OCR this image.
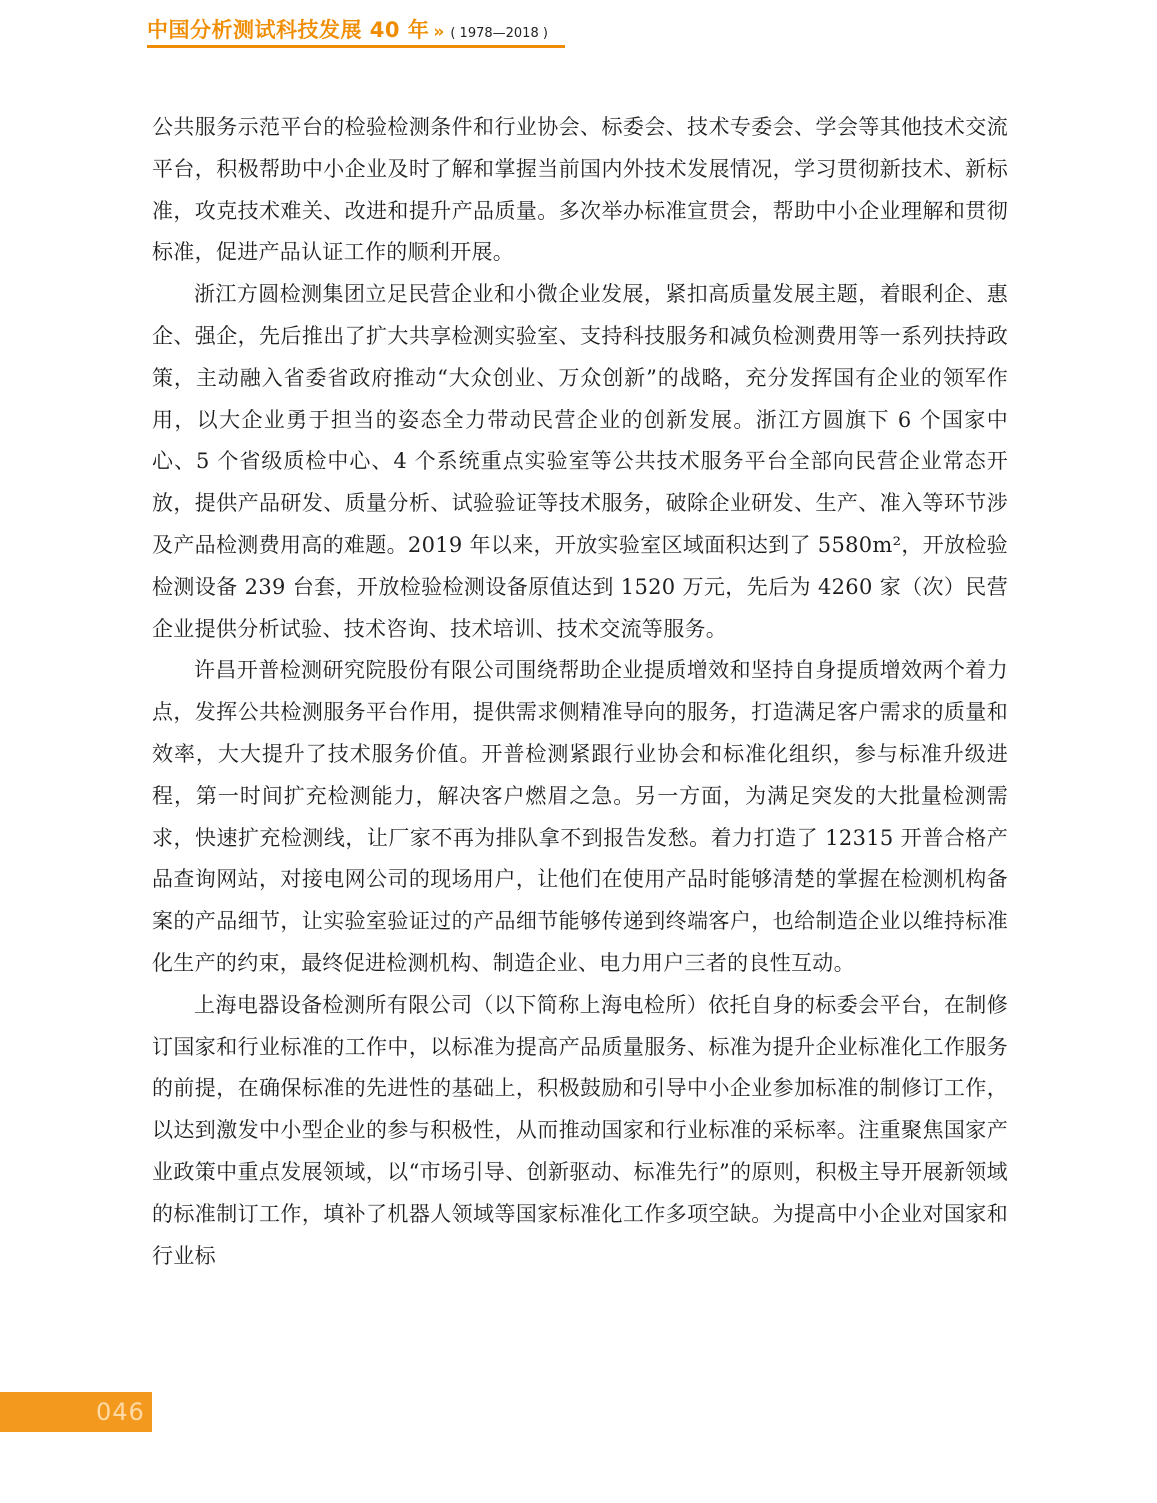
中国分析测试科技发展 40 年 » ( 1978—2018 )

公共服务示范平台的检验检测条件和行业协会、标委会、技术专委会、学会等其他技术交流平台，积极帮助中小企业及时了解和掌握当前国内外技术发展情况，学习贯彻新技术、新标准，攻克技术难关、改进和提升产品质量。多次举办标准宣贯会，帮助中小企业理解和贯彻标准，促进产品认证工作的顺利开展。

浙江方圆检测集团立足民营企业和小微企业发展，紧扣高质量发展主题，着眼利企、惠企、强企，先后推出了扩大共享检测实验室、支持科技服务和减负检测费用等一系列扶持政策，主动融入省委省政府推动“大众创业、万众创新”的战略，充分发挥国有企业的领军作用，以大企业勇于担当的姿态全力带动民营企业的创新发展。浙江方圆旗下 6 个国家中心、5 个省级质检中心、4 个系统重点实验室等公共技术服务平台全部向民营企业常态开放，提供产品研发、质量分析、试验验证等技术服务，破除企业研发、生产、准入等环节涉及产品检测费用高的难题。2019 年以来，开放实验室区域面积达到了 5580m²，开放检验检测设备 239 台套，开放检验检测设备原值达到 1520 万元，先后为 4260 家（次）民营企业提供分析试验、技术咨询、技术培训、技术交流等服务。

许昌开普检测研究院股份有限公司围绕帮助企业提质增效和坚持自身提质增效两个着力点，发挥公共检测服务平台作用，提供需求侧精准导向的服务，打造满足客户需求的质量和效率，大大提升了技术服务价值。开普检测紧跟行业协会和标准化组织，参与标准升级进程，第一时间扩充检测能力，解决客户燃眉之急。另一方面，为满足突发的大批量检测需求，快速扩充检测线，让厂家不再为排队拿不到报告发愁。着力打造了 12315 开普合格产品查询网站，对接电网公司的现场用户，让他们在使用产品时能够清楚的掌握在检测机构备案的产品细节，让实验室验证过的产品细节能够传递到终端客户，也给制造企业以维持标准化生产的约束，最终促进检测机构、制造企业、电力用户三者的良性互动。

上海电器设备检测所有限公司（以下简称上海电检所）依托自身的标委会平台，在制修订国家和行业标准的工作中，以标准为提高产品质量服务、标准为提升企业标准化工作服务的前提，在确保标准的先进性的基础上，积极鼓励和引导中小企业参加标准的制修订工作，以达到激发中小型企业的参与积极性，从而推动国家和行业标准的采标率。注重聚焦国家产业政策中重点发展领域，以“市场引导、创新驱动、标准先行”的原则，积极主导开展新领域的标准制订工作，填补了机器人领域等国家标准化工作多项空缺。为提高中小企业对国家和行业标

046
